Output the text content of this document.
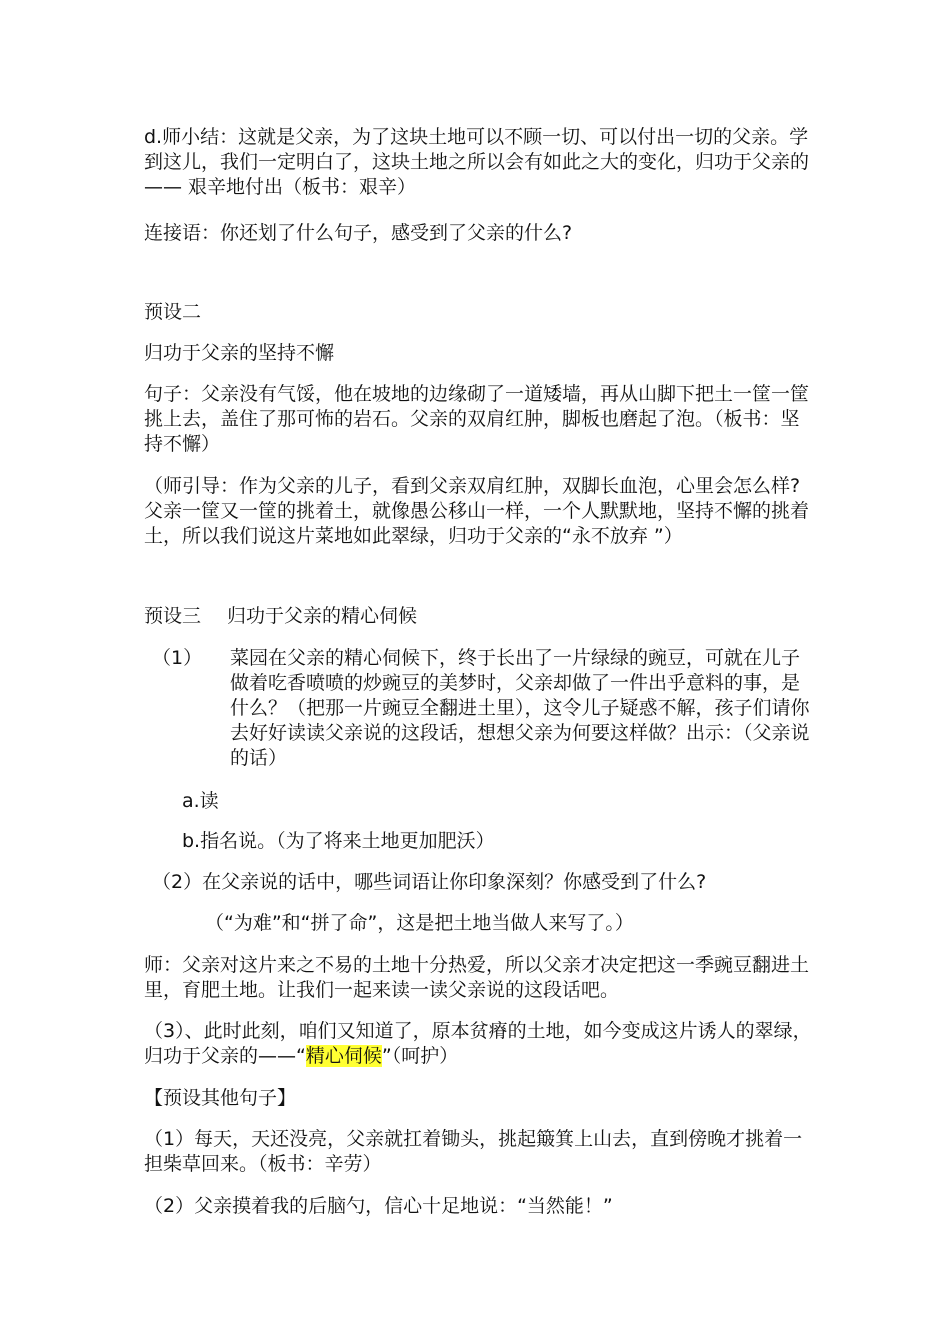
d.师小结：这就是父亲，为了这块土地可以不顾一切、可以付出一切的父亲。学到这儿，我们一定明白了，这块土地之所以会有如此之大的变化，归功于父亲的—— 艰辛地付出（板书：艰辛）

连接语：你还划了什么句子，感受到了父亲的什么?

预设二

归功于父亲的坚持不懈

句子：父亲没有气馁，他在坡地的边缘砌了一道矮墙，再从山脚下把土一筐一筐挑上去，盖住了那可怖的岩石。父亲的双肩红肿，脚板也磨起了泡。（板书：坚持不懈）

（师引导：作为父亲的儿子，看到父亲双肩红肿，双脚长血泡，心里会怎么样?父亲一筐又一筐的挑着土，就像愚公移山一样，一个人默默地，坚持不懈的挑着土，所以我们说这片菜地如此翠绿，归功于父亲的“永不放弃 ”）

预设三 归功于父亲的精心伺候

（1） 菜园在父亲的精心伺候下，终于长出了一片绿绿的豌豆，可就在儿子做着吃香喷喷的炒豌豆的美梦时，父亲却做了一件出乎意料的事，是什么？（把那一片豌豆全翻进土里），这令儿子疑惑不解，孩子们请你去好好读读父亲说的这段话，想想父亲为何要这样做？出示：（父亲说的话）

a.读

b.指名说。（为了将来土地更加肥沃）

（2）在父亲说的话中，哪些词语让你印象深刻？你感受到了什么?

（“为难”和“拼了命”，这是把土地当做人来写了。）

师：父亲对这片来之不易的土地十分热爱，所以父亲才决定把这一季豌豆翻进土里，育肥土地。让我们一起来读一读父亲说的这段话吧。

（3）、此时此刻，咱们又知道了，原本贫瘠的土地，如今变成这片诱人的翠绿，归功于父亲的——“精心伺候”（呵护）

【预设其他句子】

（1）每天，天还没亮，父亲就扛着锄头，挑起簸箕上山去，直到傍晚才挑着一担柴草回来。（板书：辛劳）

（2）父亲摸着我的后脑勺，信心十足地说：“当然能！”
